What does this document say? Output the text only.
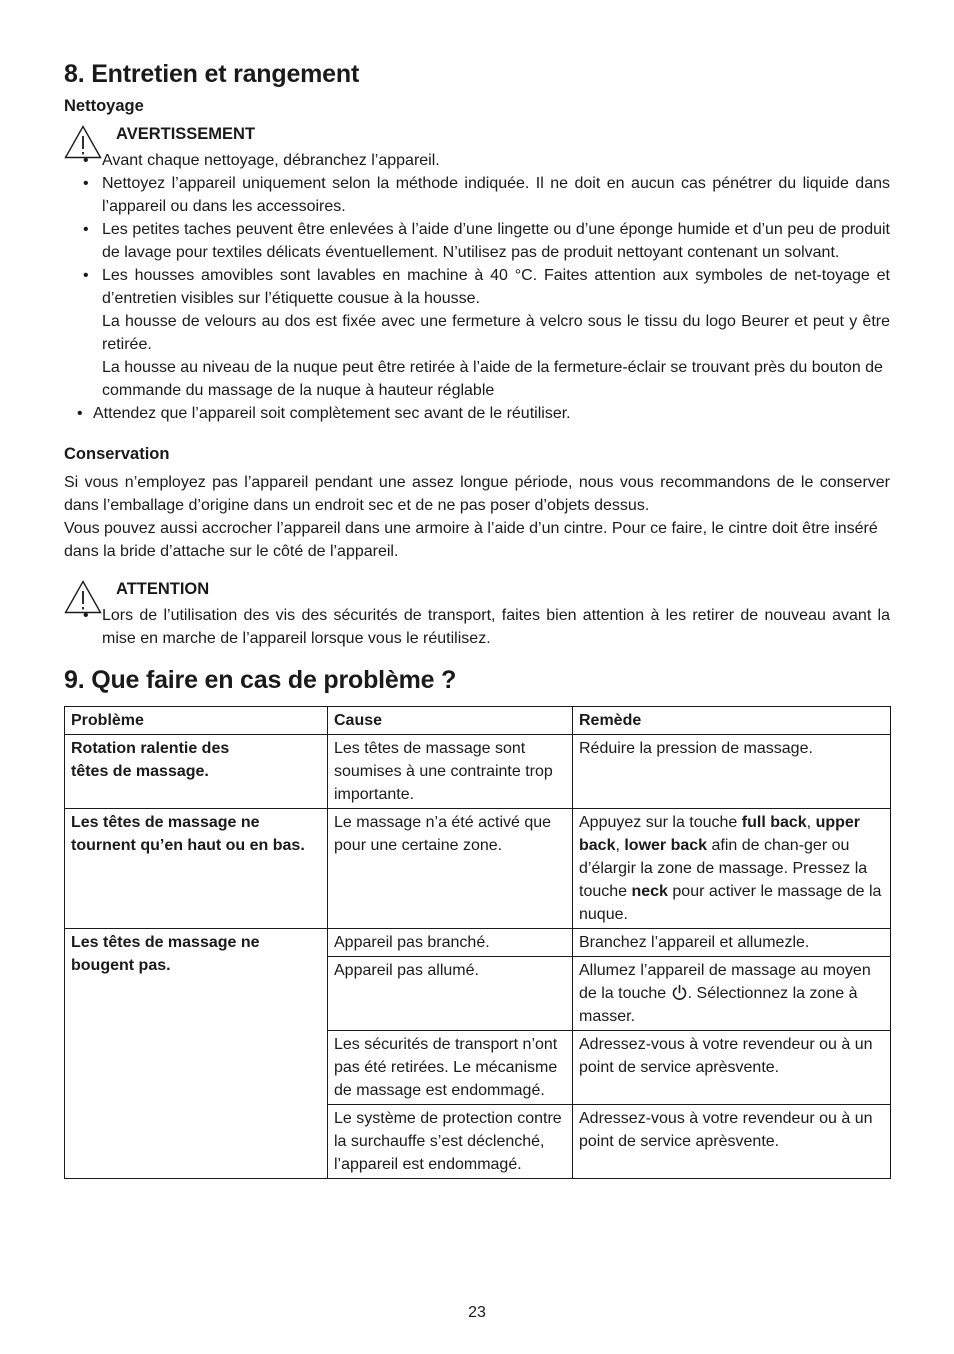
8. Entretien et rangement
Nettoyage
AVERTISSEMENT
• Avant chaque nettoyage, débranchez l’appareil.
• Nettoyez l’appareil uniquement selon la méthode indiquée. Il ne doit en aucun cas pénétrer du liquide dans l’appareil ou dans les accessoires.
• Les petites taches peuvent être enlevées à l’aide d’une lingette ou d’une éponge humide et d’un peu de produit de lavage pour textiles délicats éventuellement. N’utilisez pas de produit nettoyant contenant un solvant.
• Les housses amovibles sont lavables en machine à 40 °C. Faites attention aux symboles de net-toyage et d’entretien visibles sur l’étiquette cousue à la housse.
La housse de velours au dos est fixée avec une fermeture à velcro sous le tissu du logo Beurer et peut y être retirée.
La housse au niveau de la nuque peut être retirée à l’aide de la fermeture-éclair se trouvant près du bouton de commande du massage de la nuque à hauteur réglable
• Attendez que l’appareil soit complètement sec avant de le réutiliser.
Conservation

Si vous n’employez pas l’appareil pendant une assez longue période, nous vous recommandons de le conserver dans l’emballage d’origine dans un endroit sec et de ne pas poser d’objets dessus.

Vous pouvez aussi accrocher l’appareil dans une armoire à l’aide d’un cintre. Pour ce faire, le cintre doit être inséré dans la bride d’attache sur le côté de l’appareil.

ATTENTION
• Lors de l’utilisation des vis des sécurités de transport, faites bien attention à les retirer de nouveau avant la mise en marche de l’appareil lorsque vous le réutilisez.
9. Que faire en cas de problème ?
Problème	Cause	Remède
Rotation ralentie des têtes de massage.	Les têtes de massage sont soumises à une contrainte trop importante.	Réduire la pression de massage.
Les têtes de massage ne tournent qu’en haut ou en bas.	Le massage n’a été activé que pour une certaine zone.	Appuyez sur la touche full back, upper back, lower back afin de chan-ger ou d’élargir la zone de massage. Pressez la touche neck pour activer le massage de la nuque.
Les têtes de massage ne bougent pas.	Appareil pas branché.	Branchez l’appareil et allumezle.
	Appareil pas allumé.	Allumez l’appareil de massage au moyen de la touche . Sélectionnez la zone à masser.
	Les sécurités de transport n’ont pas été retirées. Le mécanisme de massage est endommagé.	Adressez-vous à votre revendeur ou à un point de service aprèsvente.
	Le système de protection contre la surchauffe s’est déclenché, l’appareil est endommagé.	Adressez-vous à votre revendeur ou à un point de service aprèsvente.
23
